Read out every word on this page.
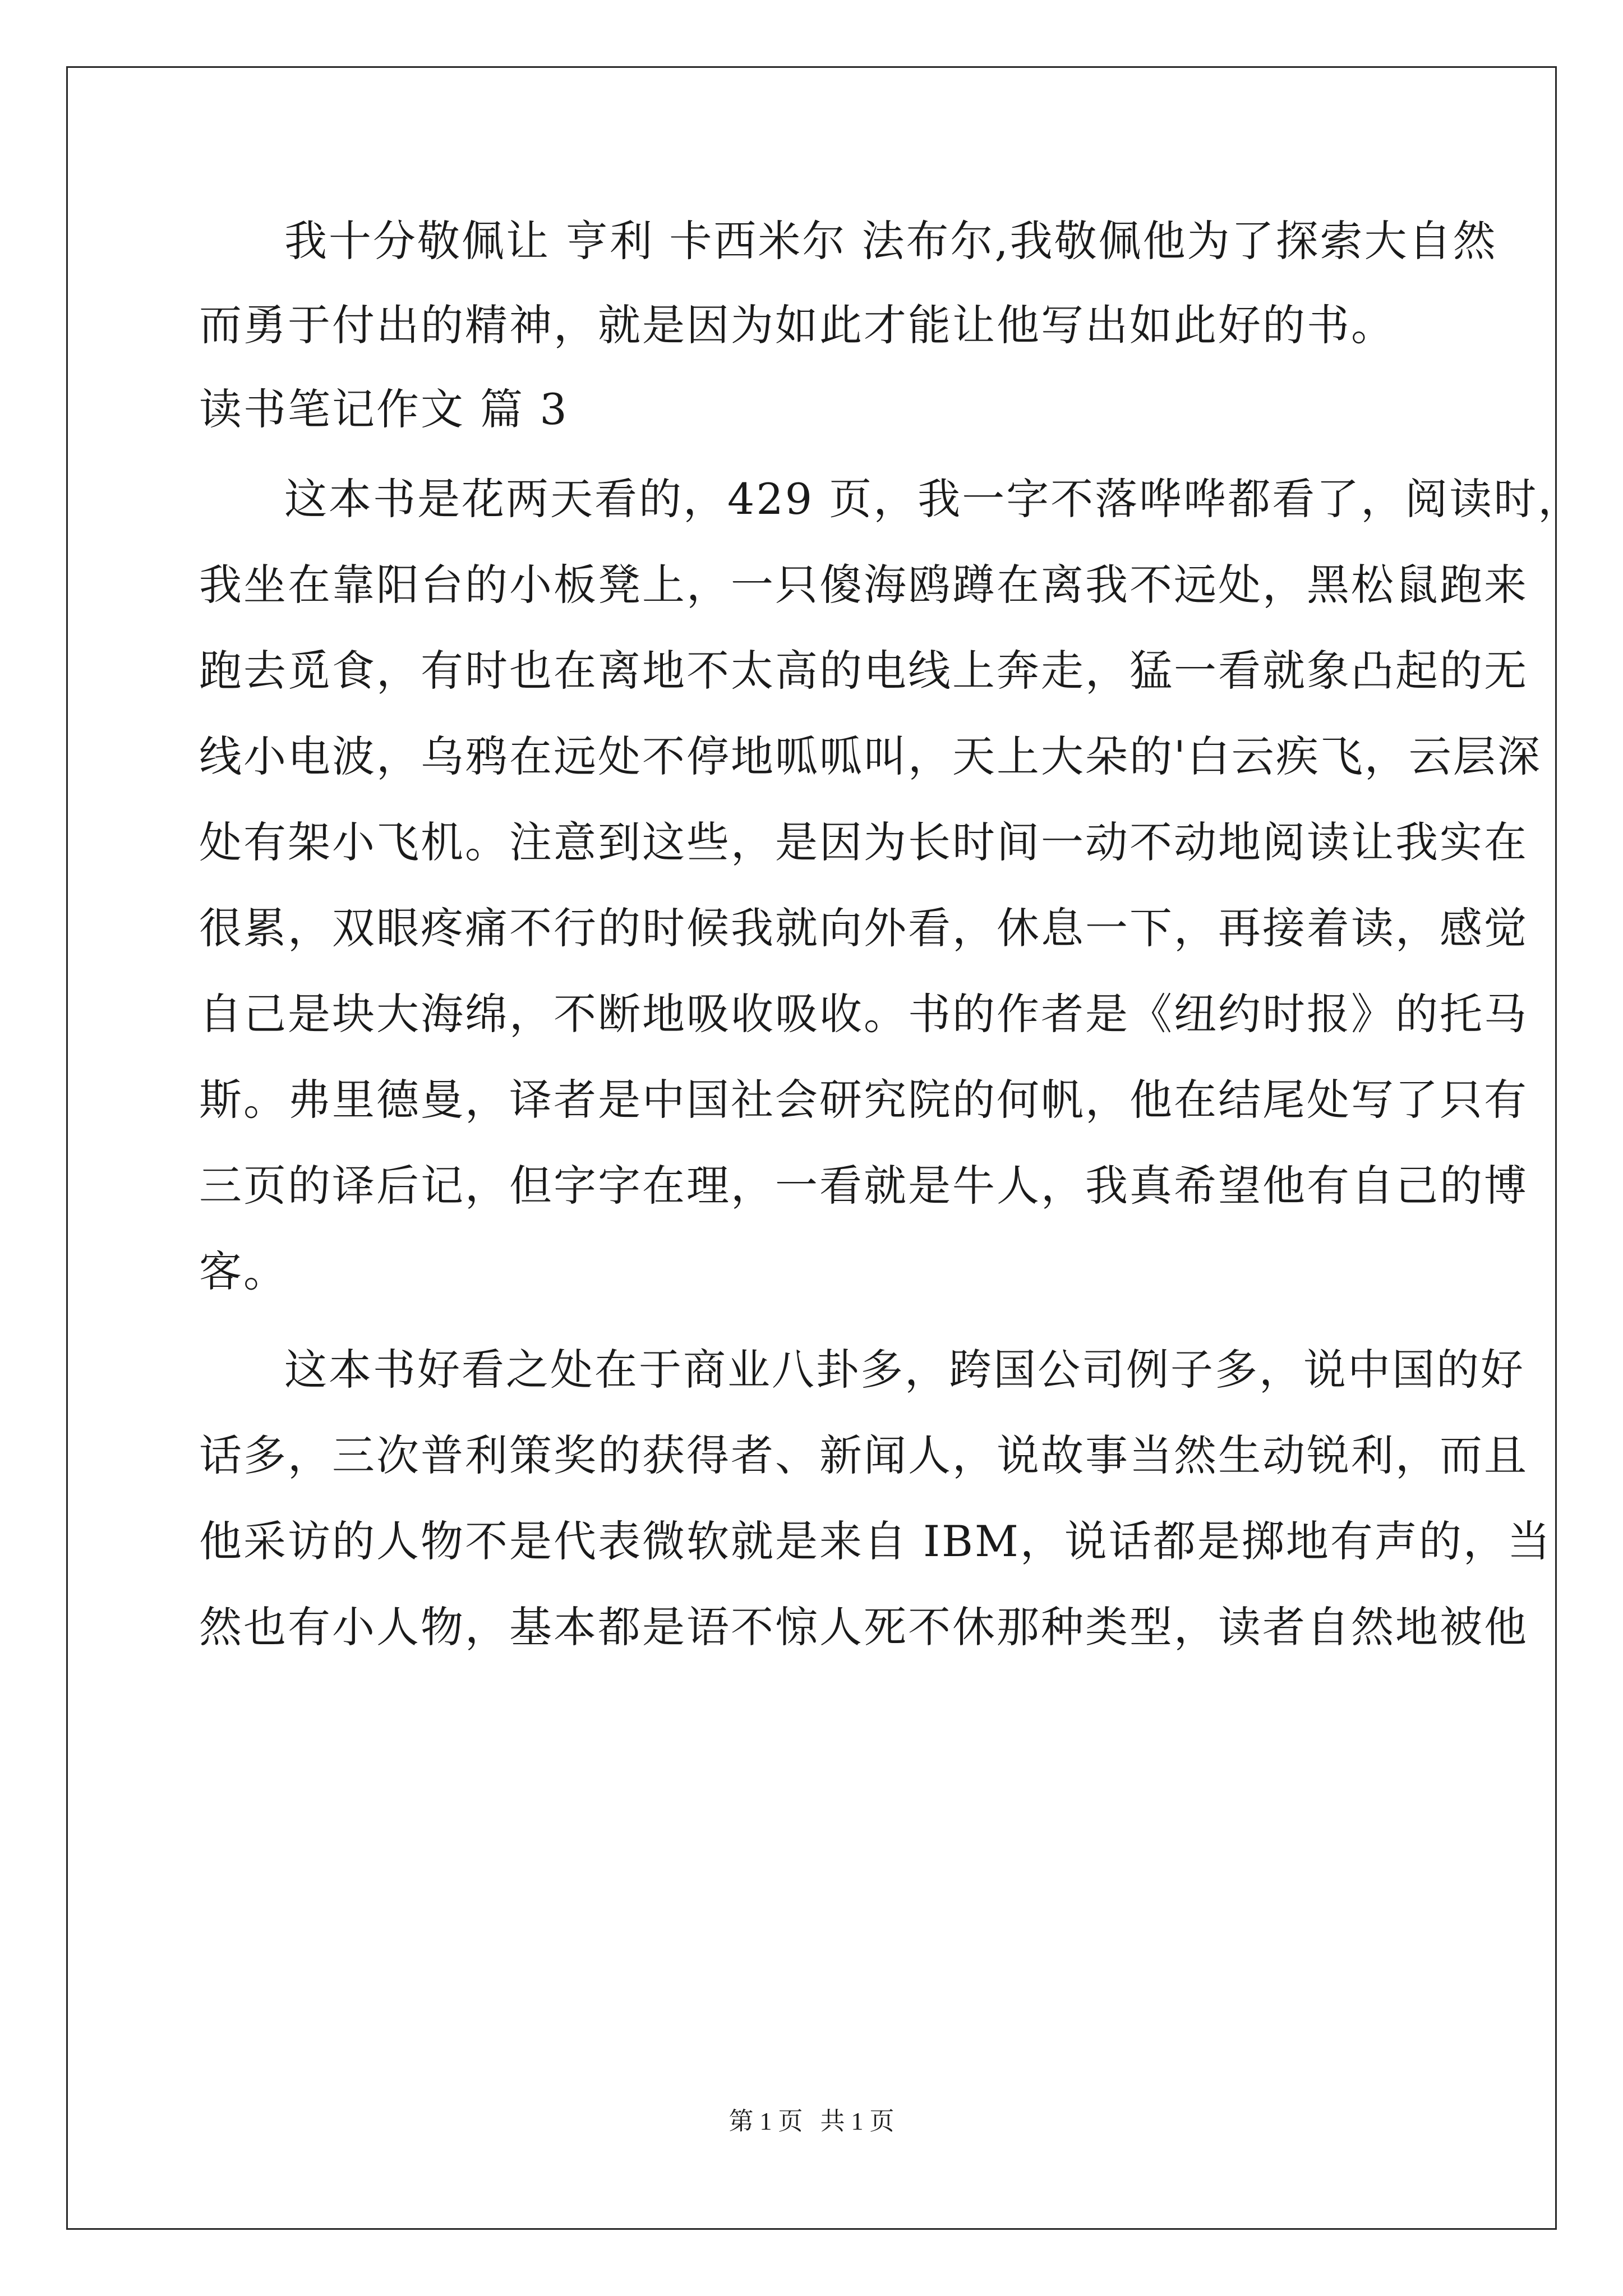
我十分敬佩让 亨利 卡西米尔 法布尔,我敬佩他为了探索大自然
而勇于付出的精神，就是因为如此才能让他写出如此好的书。
读书笔记作文 篇 3
这本书是花两天看的，429 页，我一字不落哗哗都看了，阅读时，
我坐在靠阳台的小板凳上，一只傻海鸥蹲在离我不远处，黑松鼠跑来
跑去觅食，有时也在离地不太高的电线上奔走，猛一看就象凸起的无
线小电波，乌鸦在远处不停地呱呱叫，天上大朵的'白云疾飞，云层深
处有架小飞机。注意到这些，是因为长时间一动不动地阅读让我实在
很累，双眼疼痛不行的时候我就向外看，休息一下，再接着读，感觉
自己是块大海绵，不断地吸收吸收。书的作者是《纽约时报》的托马
斯。弗里德曼，译者是中国社会研究院的何帆，他在结尾处写了只有
三页的译后记，但字字在理，一看就是牛人，我真希望他有自己的博
客。
这本书好看之处在于商业八卦多，跨国公司例子多，说中国的好
话多，三次普利策奖的获得者、新闻人，说故事当然生动锐利，而且
他采访的人物不是代表微软就是来自 IBM，说话都是掷地有声的，当
然也有小人物，基本都是语不惊人死不休那种类型，读者自然地被他
第 1 页 共 1 页
